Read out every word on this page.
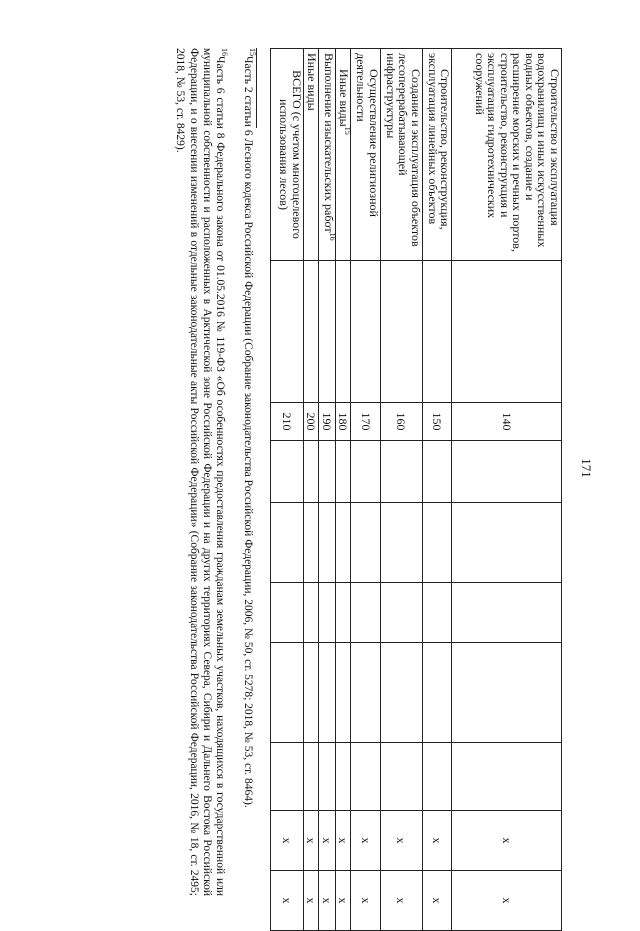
171
Строительство и эксплуатация водохранилищ и иных искусственных водных объектов, создание и расширение морских и речных портов, строительство, реконструкция и эксплуатация гидротехнических сооружений		140						x	x
Строительство, реконструкция, эксплуатация линейных объектов		150						x	x
Создание и эксплуатация объектов лесоперерабатывающей инфраструктуры		160						x	x
Осуществление религиозной деятельности		170						x	x
Иные виды$^{15}$		180						x	x
Выполнение изыскательских работ$^{16}$		190						x	x
Иные виды		200						x	x
ВСЕГО (с учетом многоцелевого использования лесов)		210						x	x

$^{15}$Часть 2 статьи 6 Лесного кодекса Российской Федерации (Собрание законодательства Российской Федерации, 2006, № 50, ст. 5278; 2018, № 53, ст. 8464).

$^{16}$Часть 6 статьи 8 Федерального закона от 01.05.2016 № 119-ФЗ «Об особенностях предоставления гражданам земельных участков, находящихся в государственной или муниципальной собственности и расположенных в Арктической зоне Российской Федерации и на других территориях Севера, Сибири и Дальнего Востока Российской Федерации, и о внесении изменений в отдельные законодательные акты Российской Федерации» (Собрание законодательства Российской Федерации, 2016, № 18, ст. 2495; 2018, № 53, ст. 8429).
